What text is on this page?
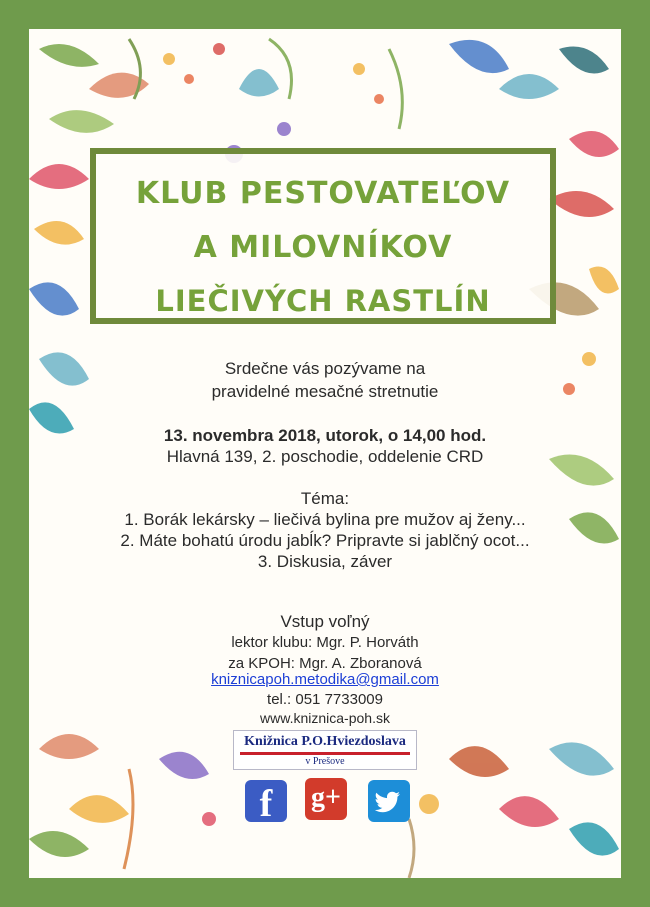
KLUB PESTOVATEĽOV
A MILOVNÍKOV
LIEČIVÝCH RASTLÍN
Srdečne vás pozývame na
pravidelné mesačné stretnutie
13. novembra 2018, utorok, o 14,00 hod.
Hlavná 139, 2. poschodie, oddelenie CRD
Téma:
1. Borák lekársky – liečivá bylina pre mužov aj ženy...
2. Máte bohatú úrodu jabĺk? Pripravte si jablčný ocot...
3. Diskusia, záver
Vstup voľný
lektor klubu: Mgr. P. Horváth
za KPOH: Mgr. A. Zboranová
kniznicapoh.metodika@gmail.com
tel.: 051 7733009
www.kniznica-poh.sk
Knižnica P.O.Hviezdoslava
v Prešove
f	g+
